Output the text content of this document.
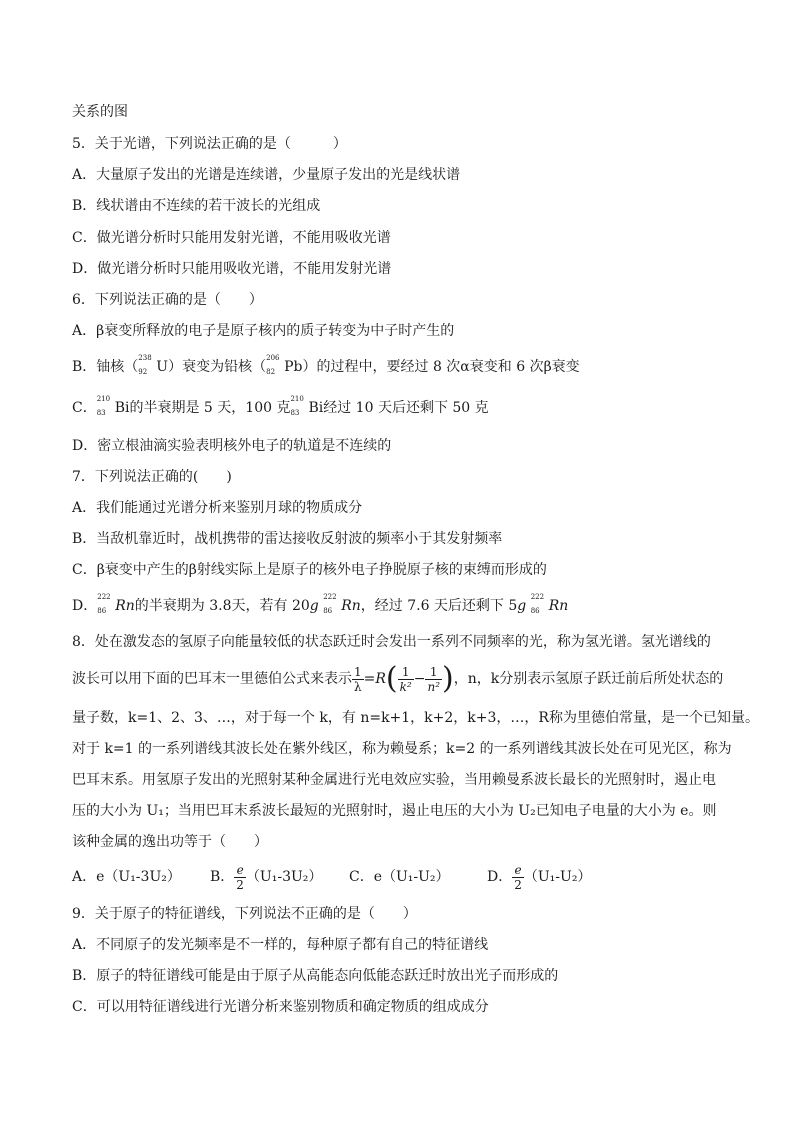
关系的图
5．关于光谱，下列说法正确的是（　　　）
A．大量原子发出的光谱是连续谱，少量原子发出的光是线状谱
B．线状谱由不连续的若干波长的光组成
C．做光谱分析时只能用发射光谱，不能用吸收光谱
D．做光谱分析时只能用吸收光谱，不能用发射光谱
6．下列说法正确的是（　　）
A．β衰变所释放的电子是原子核内的质子转变为中子时产生的
B．铀核（
238
92 U）衰变为铅核（
206
82 Pb）的过程中，要经过 8 次α衰变和 6 次β衰变
C．
210
83 Bi的半衰期是 5 天，100 克
210
83 Bi经过 10 天后还剩下 50 克
D．密立根油滴实验表明核外电子的轨道是不连续的
7．下列说法正确的(　　)
A．我们能通过光谱分析来鉴别月球的物质成分
B．当敌机靠近时，战机携带的雷达接收反射波的频率小于其发射频率
C．β衰变中产生的β射线实际上是原子的核外电子挣脱原子核的束缚而形成的
D．
222
86 Rn的半衰期为 3.8天，若有 20g
222
86 Rn，经过 7.6 天后还剩下 5g
222
86 Rn
8．处在激发态的氢原子向能量较低的状态跃迁时会发出一系列不同频率的光，称为氢光谱。氢光谱线的
波长可以用下面的巴耳末一里德伯公式来表示 $\frac{1}{\lambda} =R( \frac{1}{\text{k²}} - \frac{1}{\text{n²}}$ )，n，k分别表示氢原子跃迁前后所处状态的
量子数，k=1、2、3、…，对于每一个 k，有 n=k+1，k+2，k+3，…，R称为里德伯常量，是一个已知量。
对于 k=1 的一系列谱线其波长处在紫外线区，称为赖曼系；k=2 的一系列谱线其波长处在可见光区，称为
巴耳末系。用氢原子发出的光照射某种金属进行光电效应实验，当用赖曼系波长最长的光照射时，遏止电
压的大小为 U₁；当用巴耳末系波长最短的光照射时，遏止电压的大小为 U₂已知电子电量的大小为 e。则
该种金属的逸出功等于（　　）
A．e（U₁-3U₂） B． $\frac{e}{2} (U_1-3U_2)$ C．e（U₁-U₂）	D． $\frac{e}{2} (U_1-U_2)$
9．关于原子的特征谱线，下列说法不正确的是（　　）
A．不同原子的发光频率是不一样的，每种原子都有自己的特征谱线
B．原子的特征谱线可能是由于原子从高能态向低能态跃迁时放出光子而形成的
C．可以用特征谱线进行光谱分析来鉴别物质和确定物质的组成成分
